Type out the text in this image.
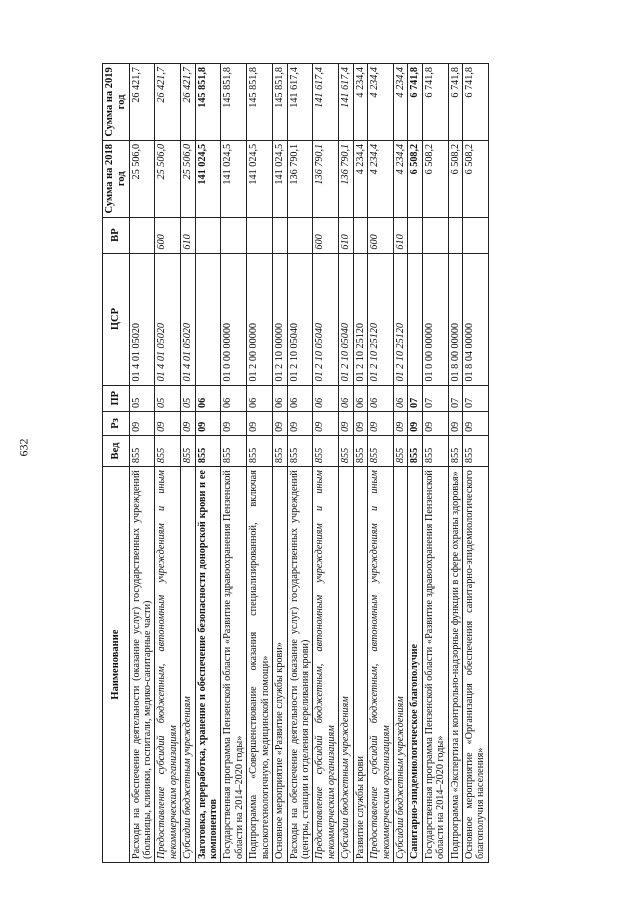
632
Наименование	Вед	Рз	ПР	ЦСР	ВР	Сумма на 2018 год	Сумма на 2019 год
Расходы на обеспечение деятельности (оказание услуг) государственных учреждений (больницы, клиники, госпитали, медико-санитарные части)	855	09	05	01 4 01 05020		25 506,0	26 421,7
Предоставление субсидий бюджетным, автономным учреждениям и иным некоммерческим организациям	855	09	05	01 4 01 05020	600	25 506,0	26 421,7
Субсидии бюджетным учреждениям	855	09	05	01 4 01 05020	610	25 506,0	26 421,7
Заготовка, переработка, хранение и обеспечение безопасности донорской крови и ее компонентов	855	09	06			141 024,5	145 851,8
Государственная программа Пензенской области «Развитие здравоохранения Пензенской области на 2014–2020 годы»	855	09	06	01 0 00 00000		141 024,5	145 851,8
Подпрограмма «Совершенствование оказания специализированной, включая высокотехнологичную, медицинской помощи»	855	09	06	01 2 00 00000		141 024,5	145 851,8
Основное мероприятие «Развитие службы крови»	855	09	06	01 2 10 00000		141 024,5	145 851,8
Расходы на обеспечение деятельности (оказание услуг) государственных учреждений (центры, станции и отделения переливания крови)	855	09	06	01 2 10 05040		136 790,1	141 617,4
Предоставление субсидий бюджетным, автономным учреждениям и иным некоммерческим организациям	855	09	06	01 2 10 05040	600	136 790,1	141 617,4
Субсидии бюджетным учреждениям	855	09	06	01 2 10 05040	610	136 790,1	141 617,4
Развитие службы крови	855	09	06	01 2 10 25120		4 234,4	4 234,4
Предоставление субсидий бюджетным, автономным учреждениям и иным некоммерческим организациям	855	09	06	01 2 10 25120	600	4 234,4	4 234,4
Субсидии бюджетным учреждениям	855	09	06	01 2 10 25120	610	4 234,4	4 234,4
Санитарно-эпидемиологическое благополучие	855	09	07			6 508,2	6 741,8
Государственная программа Пензенской области «Развитие здравоохранения Пензенской области на 2014–2020 годы»	855	09	07	01 0 00 00000		6 508,2	6 741,8
Подпрограмма «Экспертиза и контрольно-надзорные функции в сфере охраны здоровья»	855	09	07	01 8 00 00000		6 508,2	6 741,8
Основное мероприятие «Организация обеспечения санитарно-эпидемиологического благополучия населения»	855	09	07	01 8 04 00000		6 508,2	6 741,8
